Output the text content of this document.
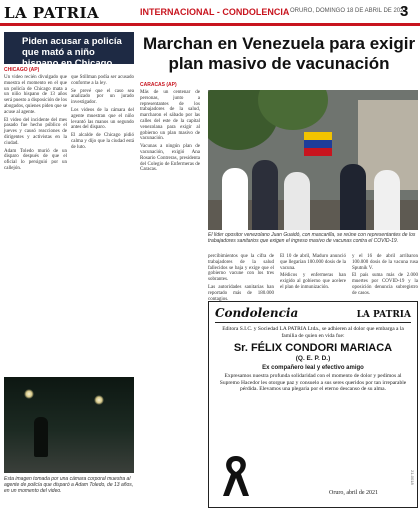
LA PATRIA	INTERNACIONAL - CONDOLENCIA ORURO, DOMINGO 18 DE ABRIL DE 2021
3
Piden acusar a policía que mató a niño hispano en Chicago
CHICAGO (AP)

Un video recién divulgado que muestra el momento en el que un policía de Chicago mata a un niño hispano de 13 años será puesto a disposición de los abogados, quienes piden que se acuse al agente.

El video del incidente del mes pasado fue hecho público el jueves y causó reacciones de dirigentes y activistas en la ciudad.

Adam Toledo murió de un disparo después de que el oficial lo persiguió por un callejón.

que Stillman podía ser acusado conforme a la ley.

Se prevé que el caso sea analizado por un jurado investigador.

Los videos de la cámara del agente muestran que el niño levantó las manos un segundo antes del disparo.

El alcalde de Chicago pidió calma y dijo que la ciudad está de luto.

Esta imagen tomada por una cámara corporal muestra al agente de policía que disparó a Adam Toledo, de 13 años, en un momento del video.
Marchan en Venezuela para exigir plan masivo de vacunación
CARACAS (AP)

Más de un centenar de personas, junto a representantes de los trabajadores de la salud, marcharon el sábado por las calles del este de la capital venezolana para exigir al gobierno un plan masivo de vacunación.

Vacunas a ningún plan de vacunación, exigió Ana Rosario Contreras, presidenta del Colegio de Enfermeras de Caracas.

El líder opositor venezolano Juan Guaidó, con mascarilla, se reúne con representantes de los trabajadores sanitarios que exigen el ingreso masivo de vacunas contra el COVID-19.

percibimientos que la cifra de trabajadores de la salud fallecidos se baja y exige que el gobierno vacune con los tres sobrantes.

Las autoridades sanitarias han reportado más de 180.000 contagios.

El 10 de abril, Maduro anunció que llegarían 100.000 dosis de la vacuna.

Médicos y enfermeras han exigido al gobierno que acelere el plan de inmunización.

y el 16 de abril arribaron 100.000 dosis de la vacuna rusa Sputnik V.

El país suma más de 2.000 muertes por COVID-19 y la oposición denuncia subregistro de casos.

Condolencia	LA PATRIA
Editora S.I.C. y Sociedad LA PATRIA Ltda., se adhieren al dolor que embarga a la familia de quien en vida fue:
Sr. FÉLIX CONDORI MARIACA
(Q. E. P. D.)
Ex compañero leal y efectivo amigo
Expresamos nuestra profunda solidaridad con el momento de dolor y pedimos al Supremo Hacedor les otorgue paz y consuelo a sus seres queridos por tan irreparable pérdida. Elevamos una plegaria por el eterno descanso de su alma.
Oruro, abril de 2021
21-0018
